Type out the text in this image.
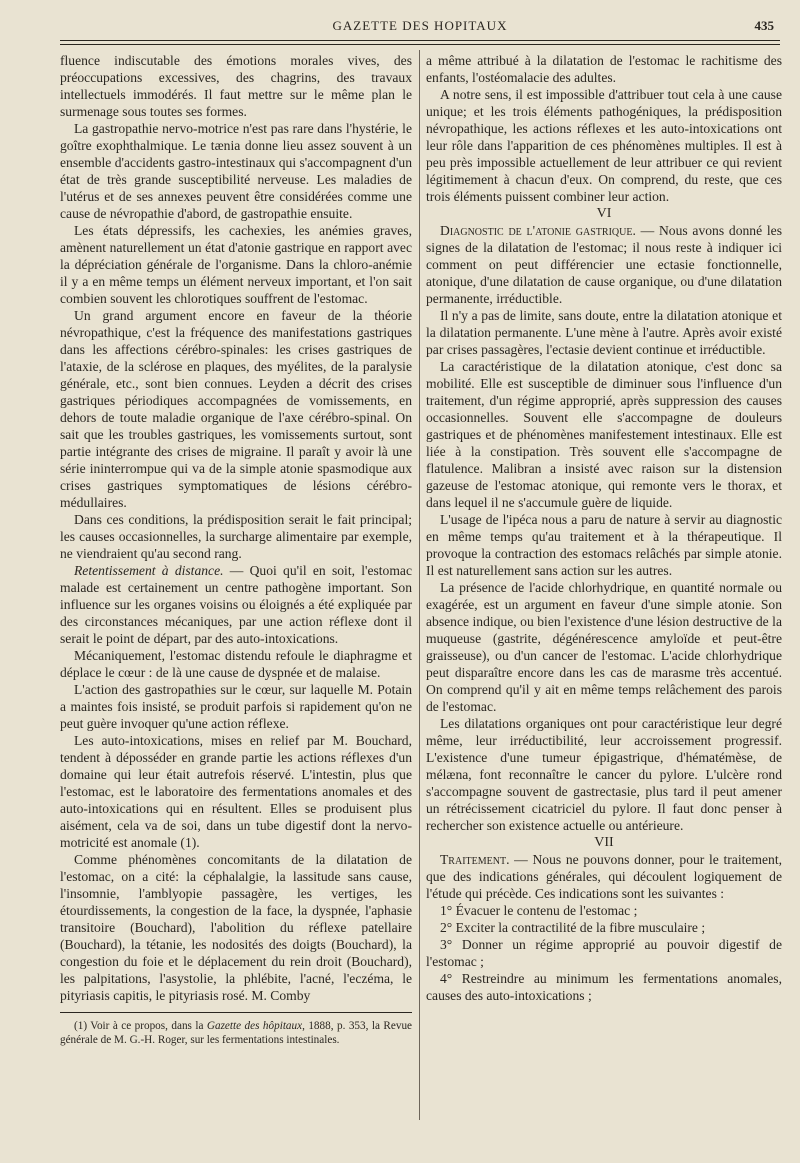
GAZETTE DES HOPITAUX	435

fluence indiscutable des émotions morales vives, des préoccupations excessives, des chagrins, des travaux intellectuels immodérés. Il faut mettre sur le même plan le surmenage sous toutes ses formes.

La gastropathie nervo-motrice n'est pas rare dans l'hystérie, le goître exophthalmique. Le tænia donne lieu assez souvent à un ensemble d'accidents gastro-intestinaux qui s'accompagnent d'un état de très grande susceptibilité nerveuse. Les maladies de l'utérus et de ses annexes peuvent être considérées comme une cause de névropathie d'abord, de gastropathie ensuite.

Les états dépressifs, les cachexies, les anémies graves, amènent naturellement un état d'atonie gastrique en rapport avec la dépréciation générale de l'organisme. Dans la chloro-anémie il y a en même temps un élément nerveux important, et l'on sait combien souvent les chlorotiques souffrent de l'estomac.

Un grand argument encore en faveur de la théorie névropathique, c'est la fréquence des manifestations gastriques dans les affections cérébro-spinales: les crises gastriques de l'ataxie, de la sclérose en plaques, des myélites, de la paralysie générale, etc., sont bien connues. Leyden a décrit des crises gastriques périodiques accompagnées de vomissements, en dehors de toute maladie organique de l'axe cérébro-spinal. On sait que les troubles gastriques, les vomissements surtout, sont partie intégrante des crises de migraine. Il paraît y avoir là une série ininterrompue qui va de la simple atonie spasmodique aux crises gastriques symptomatiques de lésions cérébro-médullaires.

Dans ces conditions, la prédisposition serait le fait principal; les causes occasionnelles, la surcharge alimentaire par exemple, ne viendraient qu'au second rang.

Retentissement à distance. — Quoi qu'il en soit, l'estomac malade est certainement un centre pathogène important. Son influence sur les organes voisins ou éloignés a été expliquée par des circonstances mécaniques, par une action réflexe dont il serait le point de départ, par des auto-intoxications.

Mécaniquement, l'estomac distendu refoule le diaphragme et déplace le cœur : de là une cause de dyspnée et de malaise.

L'action des gastropathies sur le cœur, sur laquelle M. Potain a maintes fois insisté, se produit parfois si rapidement qu'on ne peut guère invoquer qu'une action réflexe.

Les auto-intoxications, mises en relief par M. Bouchard, tendent à déposséder en grande partie les actions réflexes d'un domaine qui leur était autrefois réservé. L'intestin, plus que l'estomac, est le laboratoire des fermentations anomales et des auto-intoxications qui en résultent. Elles se produisent plus aisément, cela va de soi, dans un tube digestif dont la nervo-motricité est anomale (1).

Comme phénomènes concomitants de la dilatation de l'estomac, on a cité: la céphalalgie, la lassitude sans cause, l'insomnie, l'amblyopie passagère, les vertiges, les étourdissements, la congestion de la face, la dyspnée, l'aphasie transitoire (Bouchard), l'abolition du réflexe patellaire (Bouchard), la tétanie, les nodosités des doigts (Bouchard), la congestion du foie et le déplacement du rein droit (Bouchard), les palpitations, l'asystolie, la phlébite, l'acné, l'eczéma, le pityriasis capitis, le pityriasis rosé. M. Comby

(1) Voir à ce propos, dans la Gazette des hôpitaux, 1888, p. 353, la Revue générale de M. G.-H. Roger, sur les fermentations intestinales.

a même attribué à la dilatation de l'estomac le rachitisme des enfants, l'ostéomalacie des adultes.

A notre sens, il est impossible d'attribuer tout cela à une cause unique; et les trois éléments pathogéniques, la prédisposition névropathique, les actions réflexes et les auto-intoxications ont leur rôle dans l'apparition de ces phénomènes multiples. Il est à peu près impossible actuellement de leur attribuer ce qui revient légitimement à chacun d'eux. On comprend, du reste, que ces trois éléments puissent combiner leur action.

VI

Diagnostic de l'atonie gastrique. — Nous avons donné les signes de la dilatation de l'estomac; il nous reste à indiquer ici comment on peut différencier une ectasie fonctionnelle, atonique, d'une dilatation de cause organique, ou d'une dilatation permanente, irréductible.

Il n'y a pas de limite, sans doute, entre la dilatation atonique et la dilatation permanente. L'une mène à l'autre. Après avoir existé par crises passagères, l'ectasie devient continue et irréductible.

La caractéristique de la dilatation atonique, c'est donc sa mobilité. Elle est susceptible de diminuer sous l'influence d'un traitement, d'un régime approprié, après suppression des causes occasionnelles. Souvent elle s'accompagne de douleurs gastriques et de phénomènes manifestement intestinaux. Elle est liée à la constipation. Très souvent elle s'accompagne de flatulence. Malibran a insisté avec raison sur la distension gazeuse de l'estomac atonique, qui remonte vers le thorax, et dans lequel il ne s'accumule guère de liquide.

L'usage de l'ipéca nous a paru de nature à servir au diagnostic en même temps qu'au traitement et à la thérapeutique. Il provoque la contraction des estomacs relâchés par simple atonie. Il est naturellement sans action sur les autres.

La présence de l'acide chlorhydrique, en quantité normale ou exagérée, est un argument en faveur d'une simple atonie. Son absence indique, ou bien l'existence d'une lésion destructive de la muqueuse (gastrite, dégénérescence amyloïde et peut-être graisseuse), ou d'un cancer de l'estomac. L'acide chlorhydrique peut disparaître encore dans les cas de marasme très accentué. On comprend qu'il y ait en même temps relâchement des parois de l'estomac.

Les dilatations organiques ont pour caractéristique leur degré même, leur irréductibilité, leur accroissement progressif. L'existence d'une tumeur épigastrique, d'hématémèse, de mélæna, font reconnaître le cancer du pylore. L'ulcère rond s'accompagne souvent de gastrectasie, plus tard il peut amener un rétrécissement cicatriciel du pylore. Il faut donc penser à rechercher son existence actuelle ou antérieure.

VII

Traitement. — Nous ne pouvons donner, pour le traitement, que des indications générales, qui découlent logiquement de l'étude qui précède. Ces indications sont les suivantes :

1° Évacuer le contenu de l'estomac ;

2° Exciter la contractilité de la fibre musculaire ;

3° Donner un régime approprié au pouvoir digestif de l'estomac ;

4° Restreindre au minimum les fermentations anomales, causes des auto-intoxications ;
